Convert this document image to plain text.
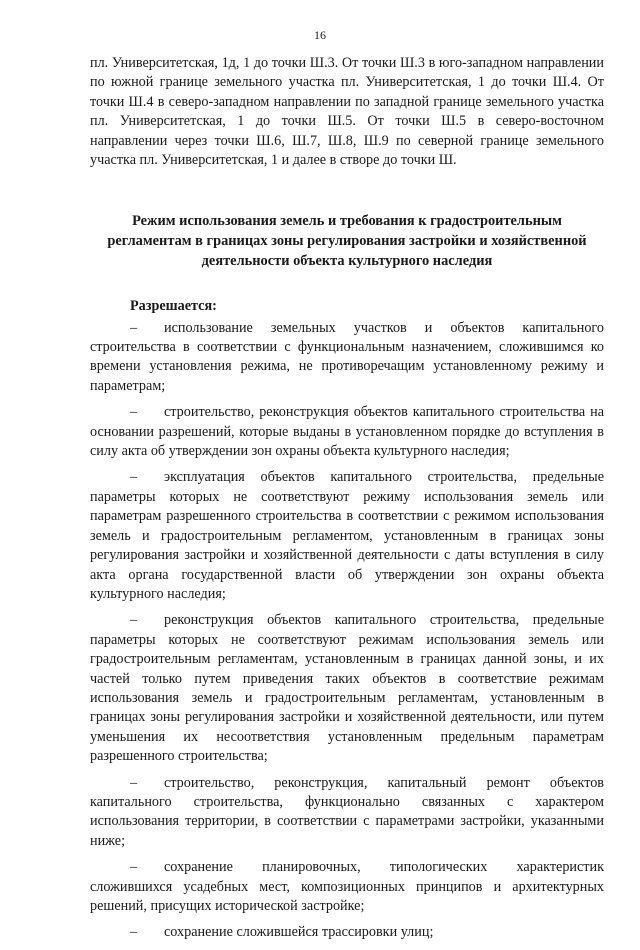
16

пл. Университетская, 1д, 1 до точки Ш.3. От точки Ш.3 в юго-западном направлении по южной границе земельного участка пл. Университетская, 1 до точки Ш.4. От точки Ш.4 в северо-западном направлении по западной границе земельного участка пл. Университетская, 1 до точки Ш.5. От точки Ш.5 в северо-восточном направлении через точки Ш.6, Ш.7, Ш.8, Ш.9 по северной границе земельного участка пл. Университетская, 1 и далее в створе до точки Ш.

Режим использования земель и требования к градостроительным регламентам в границах зоны регулирования застройки и хозяйственной деятельности объекта культурного наследия
Разрешается:

– использование земельных участков и объектов капитального строительства в соответствии с функциональным назначением, сложившимся ко времени установления режима, не противоречащим установленному режиму и параметрам;

– строительство, реконструкция объектов капитального строительства на основании разрешений, которые выданы в установленном порядке до вступления в силу акта об утверждении зон охраны объекта культурного наследия;

– эксплуатация объектов капитального строительства, предельные параметры которых не соответствуют режиму использования земель или параметрам разрешенного строительства в соответствии с режимом использования земель и градостроительным регламентом, установленным в границах зоны регулирования застройки и хозяйственной деятельности с даты вступления в силу акта органа государственной власти об утверждении зон охраны объекта культурного наследия;

– реконструкция объектов капитального строительства, предельные параметры которых не соответствуют режимам использования земель или градостроительным регламентам, установленным в границах данной зоны, и их частей только путем приведения таких объектов в соответствие режимам использования земель и градостроительным регламентам, установленным в границах зоны регулирования застройки и хозяйственной деятельности, или путем уменьшения их несоответствия установленным предельным параметрам разрешенного строительства;

– строительство, реконструкция, капитальный ремонт объектов капитального строительства, функционально связанных с характером использования территории, в соответствии с параметрами застройки, указанными ниже;

– сохранение планировочных, типологических характеристик сложившихся усадебных мест, композиционных принципов и архитектурных решений, присущих исторической застройке;

– сохранение сложившейся трассировки улиц;
